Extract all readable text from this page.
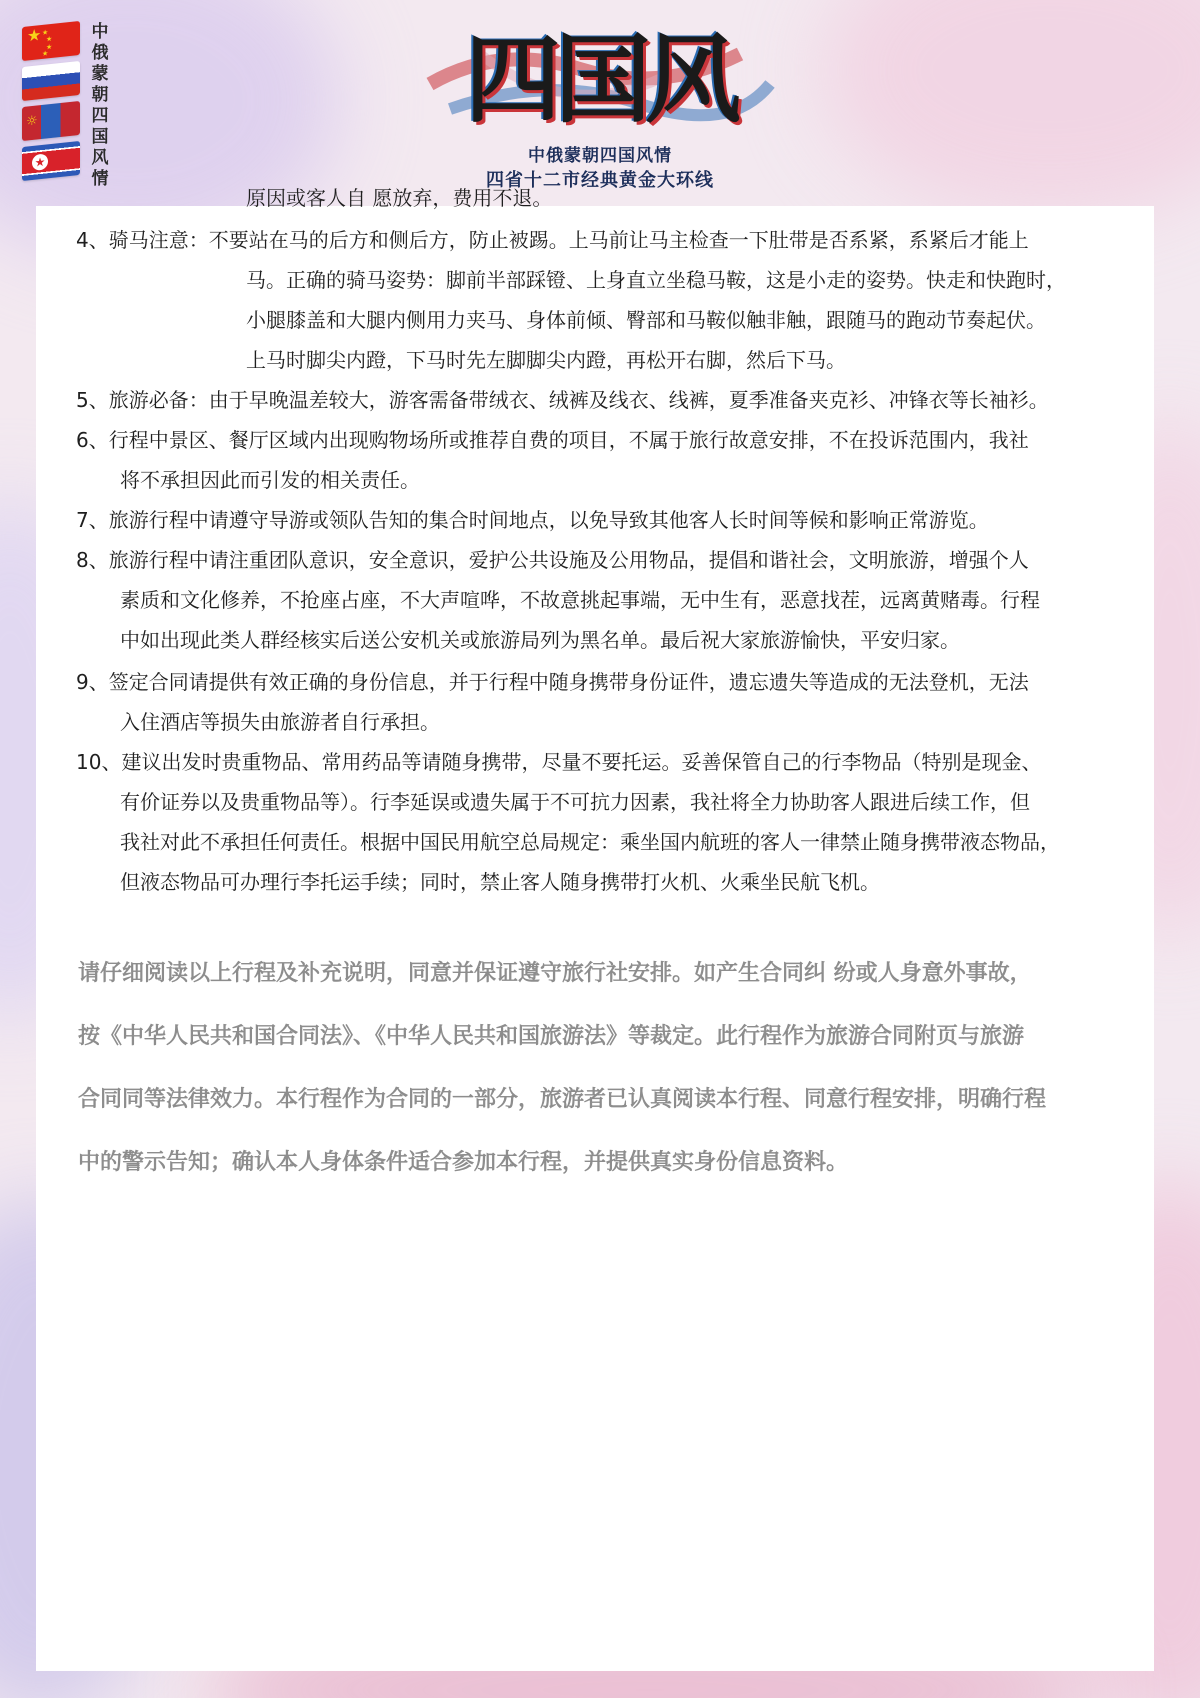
★ ★
★
★
★
☼
★
中俄蒙朝四国风情
四国风
中俄蒙朝四国风情
四省十二市经典黄金大环线
原因或客人自 愿放弃，费用不退。
4、骑马注意：不要站在马的后方和侧后方，防止被踢。上马前让马主检查一下肚带是否系紧，系紧后才能上
马。正确的骑马姿势：脚前半部踩镫、上身直立坐稳马鞍，这是小走的姿势。快走和快跑时，
小腿膝盖和大腿内侧用力夹马、身体前倾、臀部和马鞍似触非触，跟随马的跑动节奏起伏。
上马时脚尖内蹬，下马时先左脚脚尖内蹬，再松开右脚，然后下马。
5、旅游必备：由于早晚温差较大，游客需备带绒衣、绒裤及线衣、线裤，夏季准备夹克衫、冲锋衣等长袖衫。
6、行程中景区、餐厅区域内出现购物场所或推荐自费的项目，不属于旅行故意安排，不在投诉范围内，我社
将不承担因此而引发的相关责任。
7、旅游行程中请遵守导游或领队告知的集合时间地点，以免导致其他客人长时间等候和影响正常游览。
8、旅游行程中请注重团队意识，安全意识，爱护公共设施及公用物品，提倡和谐社会，文明旅游，增强个人
素质和文化修养，不抢座占座，不大声喧哗，不故意挑起事端，无中生有，恶意找茬，远离黄赌毒。行程
中如出现此类人群经核实后送公安机关或旅游局列为黑名单。最后祝大家旅游愉快，平安归家。
9、签定合同请提供有效正确的身份信息，并于行程中随身携带身份证件，遗忘遗失等造成的无法登机，无法
入住酒店等损失由旅游者自行承担。
10、建议出发时贵重物品、常用药品等请随身携带，尽量不要托运。妥善保管自己的行李物品（特别是现金、
有价证券以及贵重物品等）。行李延误或遗失属于不可抗力因素，我社将全力协助客人跟进后续工作，但
我社对此不承担任何责任。根据中国民用航空总局规定：乘坐国内航班的客人一律禁止随身携带液态物品，
但液态物品可办理行李托运手续；同时，禁止客人随身携带打火机、火乘坐民航飞机。
请仔细阅读以上行程及补充说明，同意并保证遵守旅行社安排。如产生合同纠 纷或人身意外事故，
按《中华人民共和国合同法》、《中华人民共和国旅游法》等裁定。此行程作为旅游合同附页与旅游
合同同等法律效力。本行程作为合同的一部分，旅游者已认真阅读本行程、同意行程安排，明确行程
中的警示告知；确认本人身体条件适合参加本行程，并提供真实身份信息资料。
